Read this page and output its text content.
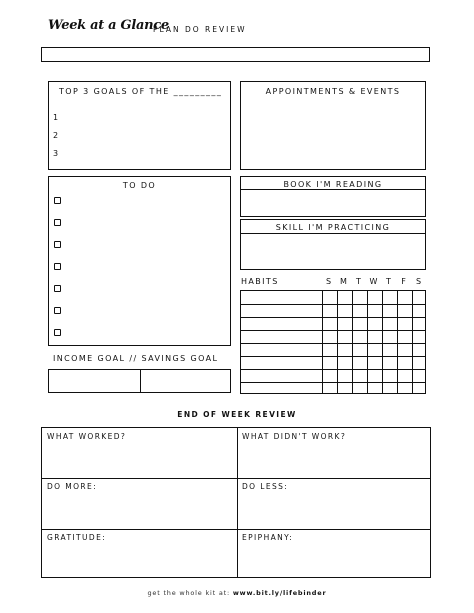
Week at a Glance
PLAN DO REVIEW
TOP 3 GOALS OF THE _________
1
2
3
APPOINTMENTS & EVENTS
TO DO	BOOK I'M READING
SKILL I'M PRACTICING
HABITS	S	M	T	W	T	F	S
INCOME GOAL // SAVINGS GOAL
END OF WEEK REVIEW
WHAT WORKED?	WHAT DIDN'T WORK?
DO MORE:	DO LESS:
GRATITUDE:	EPIPHANY:
get the whole kit at: www.bit.ly/lifebinder
